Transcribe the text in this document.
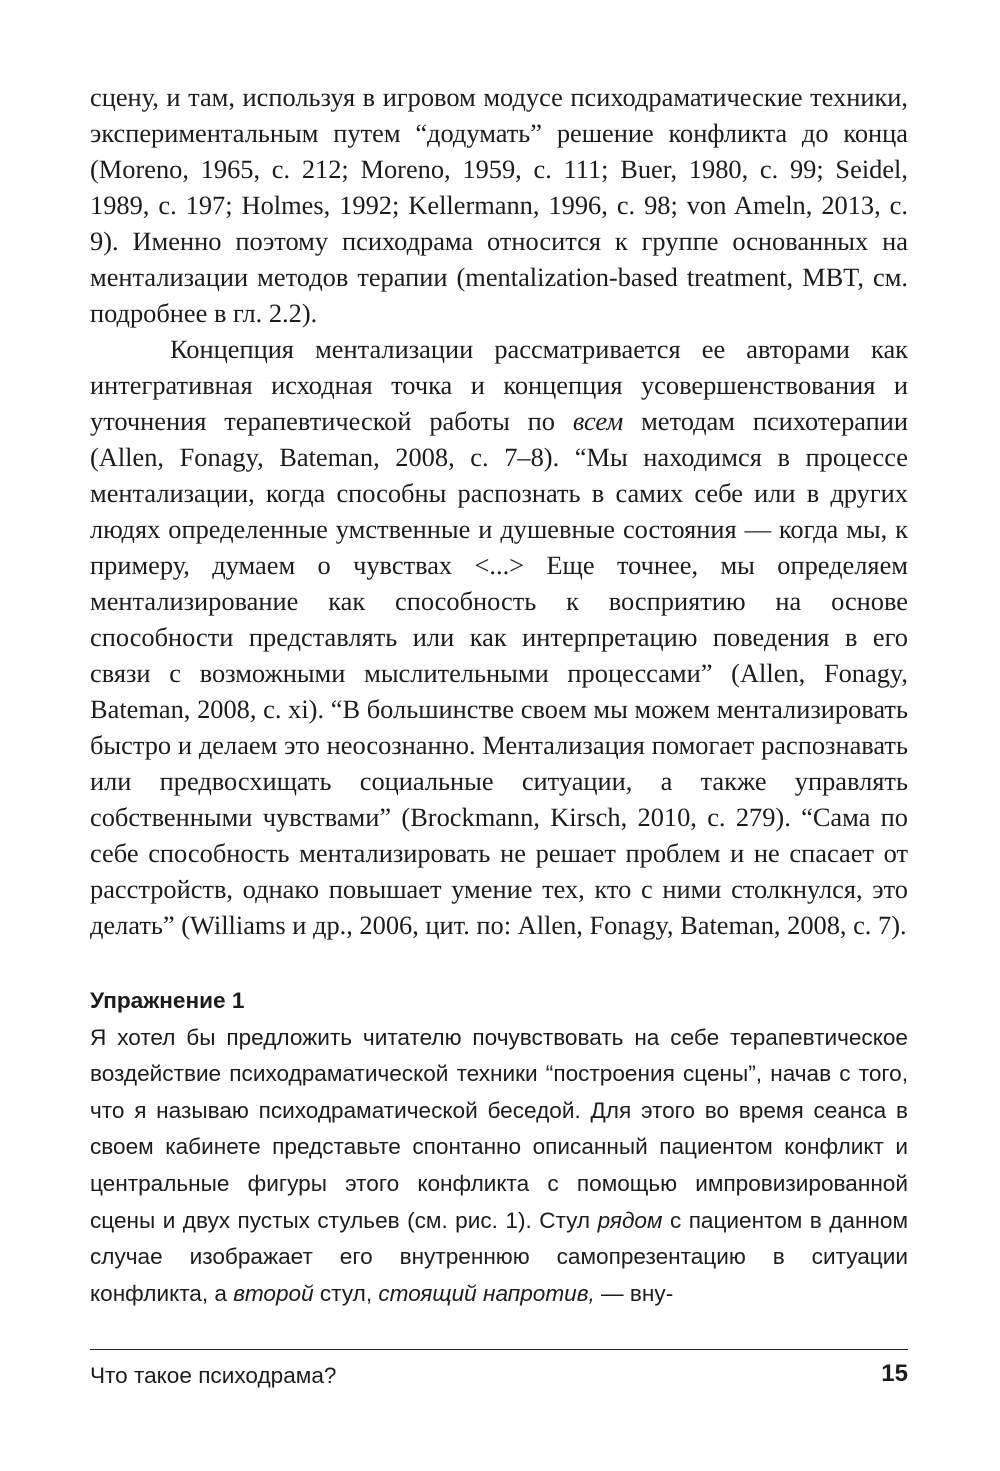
сцену, и там, используя в игровом модусе психодраматические техники, экспериментальным путем “додумать” решение конфликта до конца (Moreno, 1965, с. 212; Moreno, 1959, с. 111; Buer, 1980, с. 99; Seidel, 1989, с. 197; Holmes, 1992; Kellermann, 1996, с. 98; von Ameln, 2013, с. 9). Именно поэтому психодрама относится к группе основанных на ментализации методов терапии (mentalization-based treatment, MBT, см. подробнее в гл. 2.2).

Концепция ментализации рассматривается ее авторами как интегративная исходная точка и концепция усовершенствования и уточнения терапевтической работы по всем методам психотерапии (Allen, Fonagy, Bateman, 2008, с. 7–8). “Мы находимся в процессе ментализации, когда способны распознать в самих себе или в других людях определенные умственные и душевные состояния — когда мы, к примеру, думаем о чувствах <...> Еще точнее, мы определяем ментализирование как способность к восприятию на основе способности представлять или как интерпретацию поведения в его связи с возможными мыслительными процессами” (Allen, Fonagy, Bateman, 2008, с. xi). “В большинстве своем мы можем ментализировать быстро и делаем это неосознанно. Ментализация помогает распознавать или предвосхищать социальные ситуации, а также управлять собственными чувствами” (Brockmann, Kirsch, 2010, с. 279). “Сама по себе способность ментализировать не решает проблем и не спасает от расстройств, однако повышает умение тех, кто с ними столкнулся, это делать” (Williams и др., 2006, цит. по: Allen, Fonagy, Bateman, 2008, с. 7).

Упражнение 1

Я хотел бы предложить читателю почувствовать на себе терапевтическое воздействие психодраматической техники “построения сцены”, начав с того, что я называю психодраматической беседой. Для этого во время сеанса в своем кабинете представьте спонтанно описанный пациентом конфликт и центральные фигуры этого конфликта с помощью импровизированной сцены и двух пустых стульев (см. рис. 1). Стул рядом с пациентом в данном случае изображает его внутреннюю самопрезентацию в ситуации конфликта, а второй стул, стоящий напротив, — вну-

Что такое психодрама?	15
